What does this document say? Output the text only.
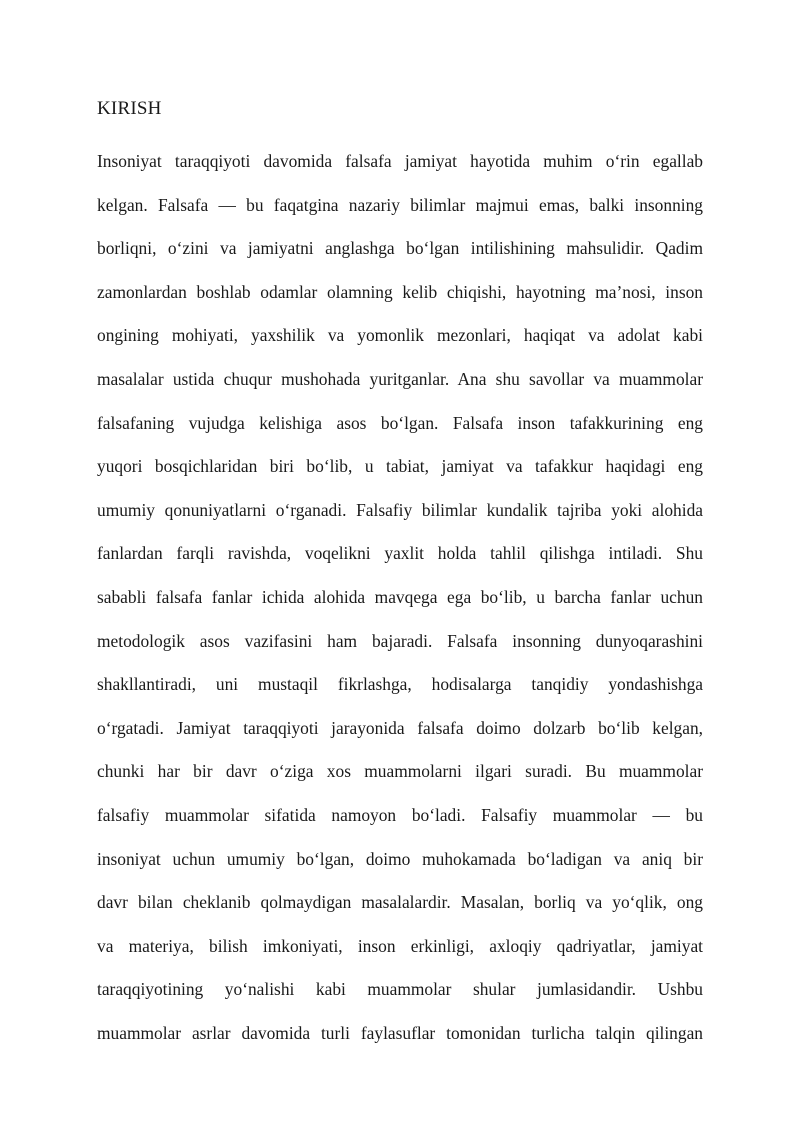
KIRISH
Insoniyat taraqqiyoti davomida falsafa jamiyat hayotida muhim o‘rin egallab
kelgan. Falsafa — bu faqatgina nazariy bilimlar majmui emas, balki insonning
borliqni, o‘zini va jamiyatni anglashga bo‘lgan intilishining mahsulidir. Qadim
zamonlardan boshlab odamlar olamning kelib chiqishi, hayotning ma’nosi, inson
ongining mohiyati, yaxshilik va yomonlik mezonlari, haqiqat va adolat kabi
masalalar ustida chuqur mushohada yuritganlar. Ana shu savollar va muammolar
falsafaning vujudga kelishiga asos bo‘lgan. Falsafa inson tafakkurining eng
yuqori bosqichlaridan biri bo‘lib, u tabiat, jamiyat va tafakkur haqidagi eng
umumiy qonuniyatlarni o‘rganadi. Falsafiy bilimlar kundalik tajriba yoki alohida
fanlardan farqli ravishda, voqelikni yaxlit holda tahlil qilishga intiladi. Shu
sababli falsafa fanlar ichida alohida mavqega ega bo‘lib, u barcha fanlar uchun
metodologik asos vazifasini ham bajaradi. Falsafa insonning dunyoqarashini
shakllantiradi, uni mustaqil fikrlashga, hodisalarga tanqidiy yondashishga
o‘rgatadi. Jamiyat taraqqiyoti jarayonida falsafa doimo dolzarb bo‘lib kelgan,
chunki har bir davr o‘ziga xos muammolarni ilgari suradi. Bu muammolar
falsafiy muammolar sifatida namoyon bo‘ladi. Falsafiy muammolar — bu
insoniyat uchun umumiy bo‘lgan, doimo muhokamada bo‘ladigan va aniq bir
davr bilan cheklanib qolmaydigan masalalardir. Masalan, borliq va yo‘qlik, ong
va materiya, bilish imkoniyati, inson erkinligi, axloqiy qadriyatlar, jamiyat
taraqqiyotining yo‘nalishi kabi muammolar shular jumlasidandir. Ushbu
muammolar asrlar davomida turli faylasuflar tomonidan turlicha talqin qilingan
